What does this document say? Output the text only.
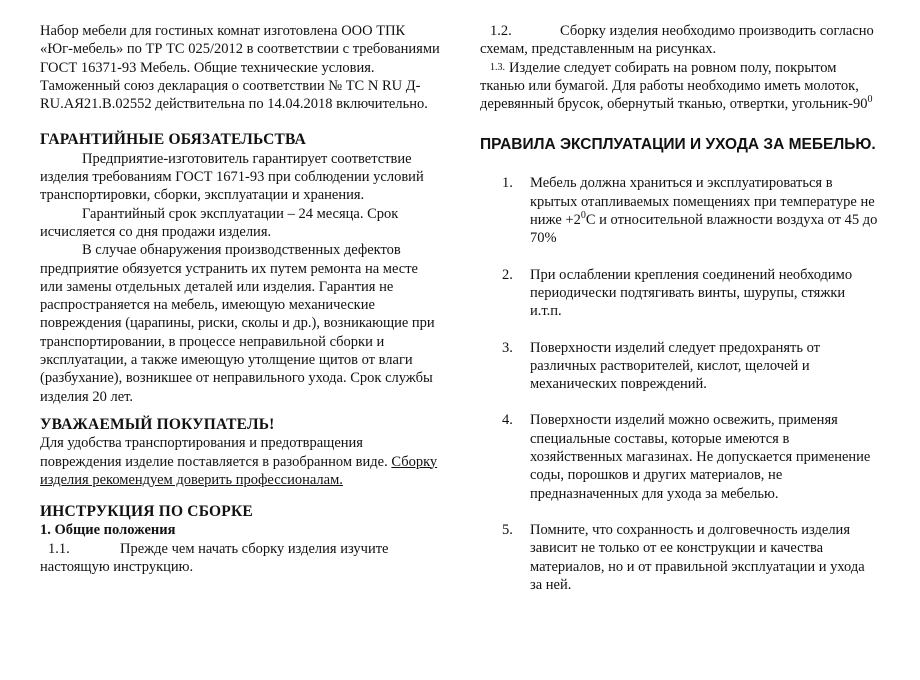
Набор мебели для гостиных комнат изготовлена ООО ТПК «Юг-мебель» по ТР ТС 025/2012 в соответствии с требованиями ГОСТ 16371-93 Мебель. Общие технические условия. Таможенный союз декларация о соответствии № ТС N RU Д-RU.AЯ21.В.02552 действительна по 14.04.2018 включительно.

ГАРАНТИЙНЫЕ ОБЯЗАТЕЛЬСТВА

Предприятие-изготовитель гарантирует соответствие изделия требованиям ГОСТ 1671-93 при соблюдении условий транспортировки, сборки, эксплуатации и хранения.

Гарантийный срок эксплуатации – 24 месяца. Срок исчисляется со дня продажи изделия.

В случае обнаружения производственных дефектов предприятие обязуется устранить их путем ремонта на месте или замены отдельных деталей или изделия. Гарантия не распространяется на мебель, имеющую механические повреждения (царапины, риски, сколы и др.), возникающие при транспортировании, в процессе неправильной сборки и эксплуатации, а также имеющую утолщение щитов от влаги (разбухание), возникшее от неправильного ухода. Срок службы изделия 20 лет.

УВАЖАЕМЫЙ ПОКУПАТЕЛЬ!

Для удобства транспортирования и предотвращения повреждения изделие поставляется в разобранном виде. Сборку изделия рекомендуем доверить профессионалам.

ИНСТРУКЦИЯ ПО СБОРКЕ

1. Общие положения

1.1.	Прежде чем начать сборку изделия изучите настоящую инструкцию.

1.2.	Сборку изделия необходимо производить согласно схемам, представленным на рисунках.

$^{1.3.}$ Изделие следует собирать на ровном полу, покрытом тканью или бумагой. Для работы необходимо иметь молоток, деревянный брусок, обернутый тканью, отвертки, угольник-$90^0$

ПРАВИЛА ЭКСПЛУАТАЦИИ И УХОДА ЗА МЕБЕЛЬЮ.

1. Мебель должна храниться и эксплуатироваться в крытых отапливаемых помещениях при температуре не ниже $+2^0С$ и относительной влажности воздуха от 45 до 70%
2. При ослаблении крепления соединений необходимо периодически подтягивать винты, шурупы, стяжки и.т.п.
3. Поверхности изделий следует предохранять от различных растворителей, кислот, щелочей и механических повреждений.
4. Поверхности изделий можно освежить, применяя специальные составы, которые имеются в хозяйственных магазинах. Не допускается применение соды, порошков и других материалов, не предназначенных для ухода за мебелью.
5. Помните, что сохранность и долговечность изделия зависит не только от ее конструкции и качества материалов, но и от правильной эксплуатации и ухода за ней.
